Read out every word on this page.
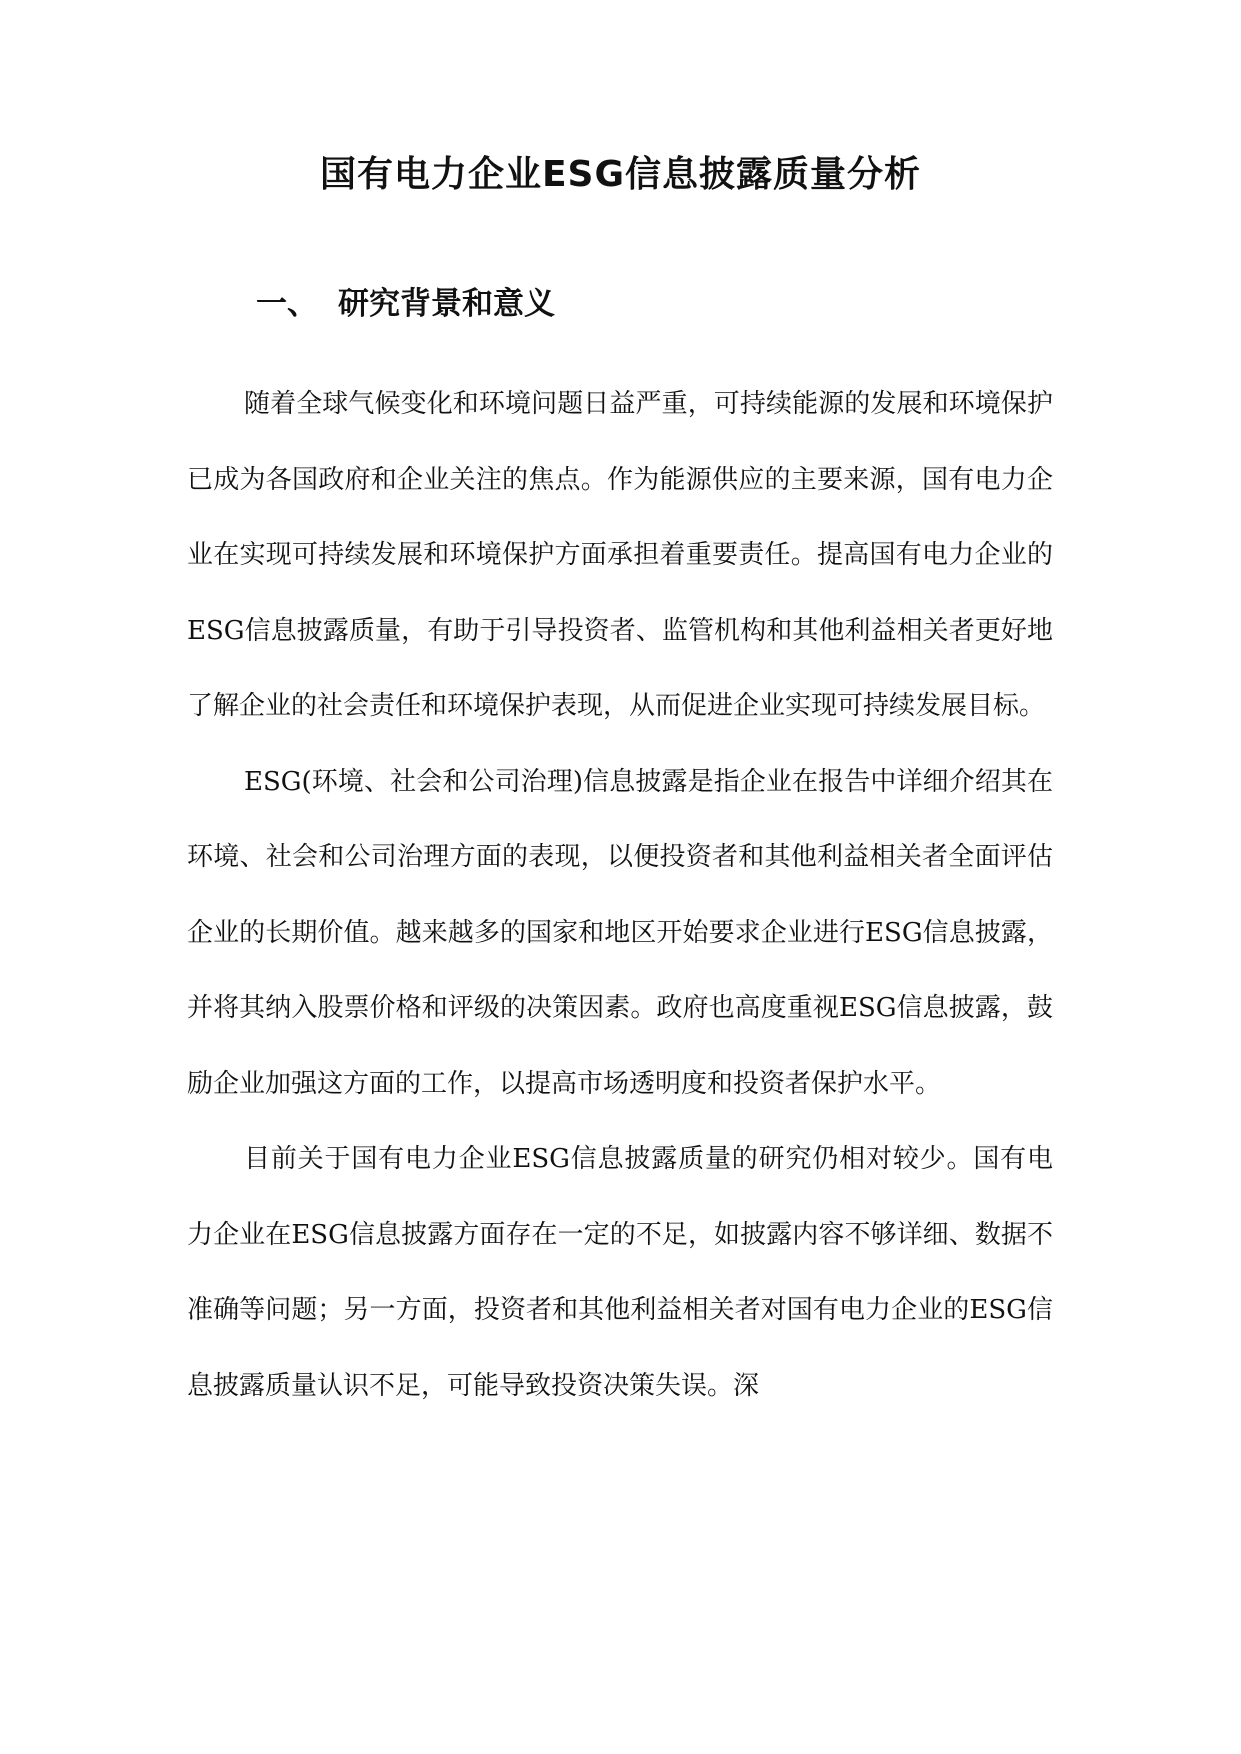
国有电力企业ESG信息披露质量分析
一、 研究背景和意义

随着全球气候变化和环境问题日益严重，可持续能源的发展和环境保护已成为各国政府和企业关注的焦点。作为能源供应的主要来源，国有电力企业在实现可持续发展和环境保护方面承担着重要责任。提高国有电力企业的ESG信息披露质量，有助于引导投资者、监管机构和其他利益相关者更好地了解企业的社会责任和环境保护表现，从而促进企业实现可持续发展目标。

ESG(环境、社会和公司治理)信息披露是指企业在报告中详细介绍其在环境、社会和公司治理方面的表现，以便投资者和其他利益相关者全面评估企业的长期价值。越来越多的国家和地区开始要求企业进行ESG信息披露，并将其纳入股票价格和评级的决策因素。政府也高度重视ESG信息披露，鼓励企业加强这方面的工作，以提高市场透明度和投资者保护水平。

目前关于国有电力企业ESG信息披露质量的研究仍相对较少。国有电力企业在ESG信息披露方面存在一定的不足，如披露内容不够详细、数据不准确等问题；另一方面，投资者和其他利益相关者对国有电力企业的ESG信息披露质量认识不足，可能导致投资决策失误。深
